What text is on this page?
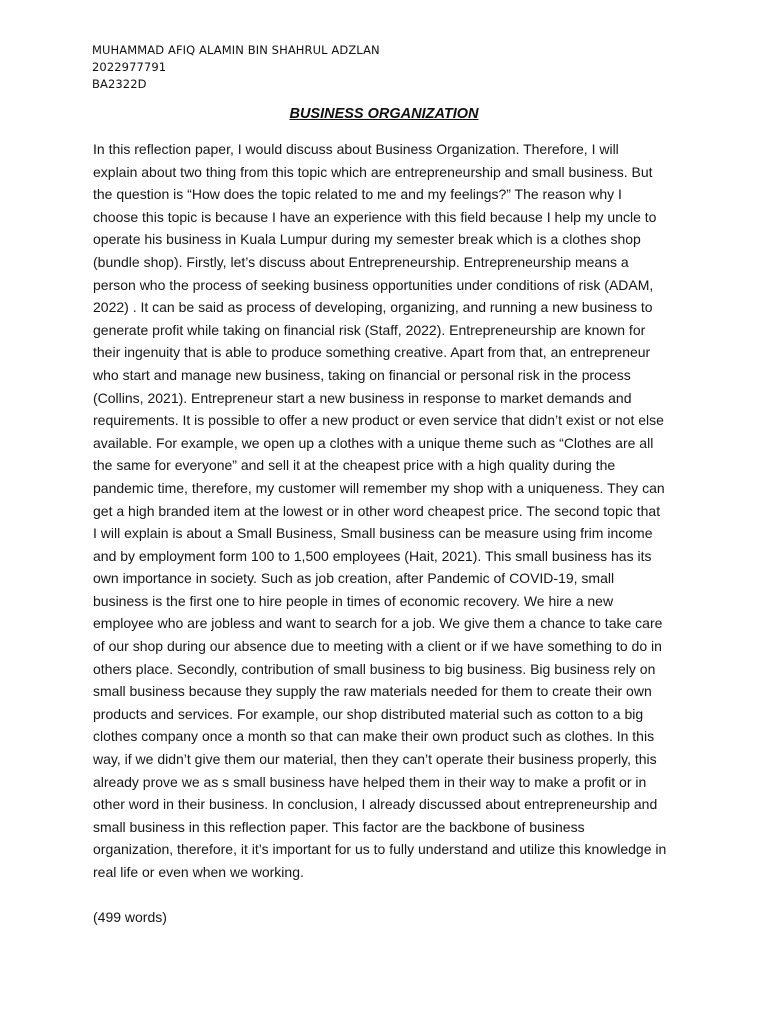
MUHAMMAD AFIQ ALAMIN BIN SHAHRUL ADZLAN
2022977791
BA2322D
BUSINESS ORGANIZATION
In this reflection paper, I would discuss about Business Organization. Therefore, I will
explain about two thing from this topic which are entrepreneurship and small business. But
the question is “How does the topic related to me and my feelings?” The reason why I
choose this topic is because I have an experience with this field because I help my uncle to
operate his business in Kuala Lumpur during my semester break which is a clothes shop
(bundle shop). Firstly, let’s discuss about Entrepreneurship. Entrepreneurship means a
person who the process of seeking business opportunities under conditions of risk (ADAM,
2022) . It can be said as process of developing, organizing, and running a new business to
generate profit while taking on financial risk (Staff, 2022). Entrepreneurship are known for
their ingenuity that is able to produce something creative. Apart from that, an entrepreneur
who start and manage new business, taking on financial or personal risk in the process
(Collins, 2021). Entrepreneur start a new business in response to market demands and
requirements. It is possible to offer a new product or even service that didn’t exist or not else
available. For example, we open up a clothes with a unique theme such as “Clothes are all
the same for everyone” and sell it at the cheapest price with a high quality during the
pandemic time, therefore, my customer will remember my shop with a uniqueness. They can
get a high branded item at the lowest or in other word cheapest price. The second topic that
I will explain is about a Small Business, Small business can be measure using frim income
and by employment form 100 to 1,500 employees (Hait, 2021). This small business has its
own importance in society. Such as job creation, after Pandemic of COVID-19, small
business is the first one to hire people in times of economic recovery. We hire a new
employee who are jobless and want to search for a job. We give them a chance to take care
of our shop during our absence due to meeting with a client or if we have something to do in
others place. Secondly, contribution of small business to big business. Big business rely on
small business because they supply the raw materials needed for them to create their own
products and services. For example, our shop distributed material such as cotton to a big
clothes company once a month so that can make their own product such as clothes. In this
way, if we didn’t give them our material, then they can’t operate their business properly, this
already prove we as s small business have helped them in their way to make a profit or in
other word in their business. In conclusion, I already discussed about entrepreneurship and
small business in this reflection paper. This factor are the backbone of business
organization, therefore, it it’s important for us to fully understand and utilize this knowledge in
real life or even when we working.
(499 words)
